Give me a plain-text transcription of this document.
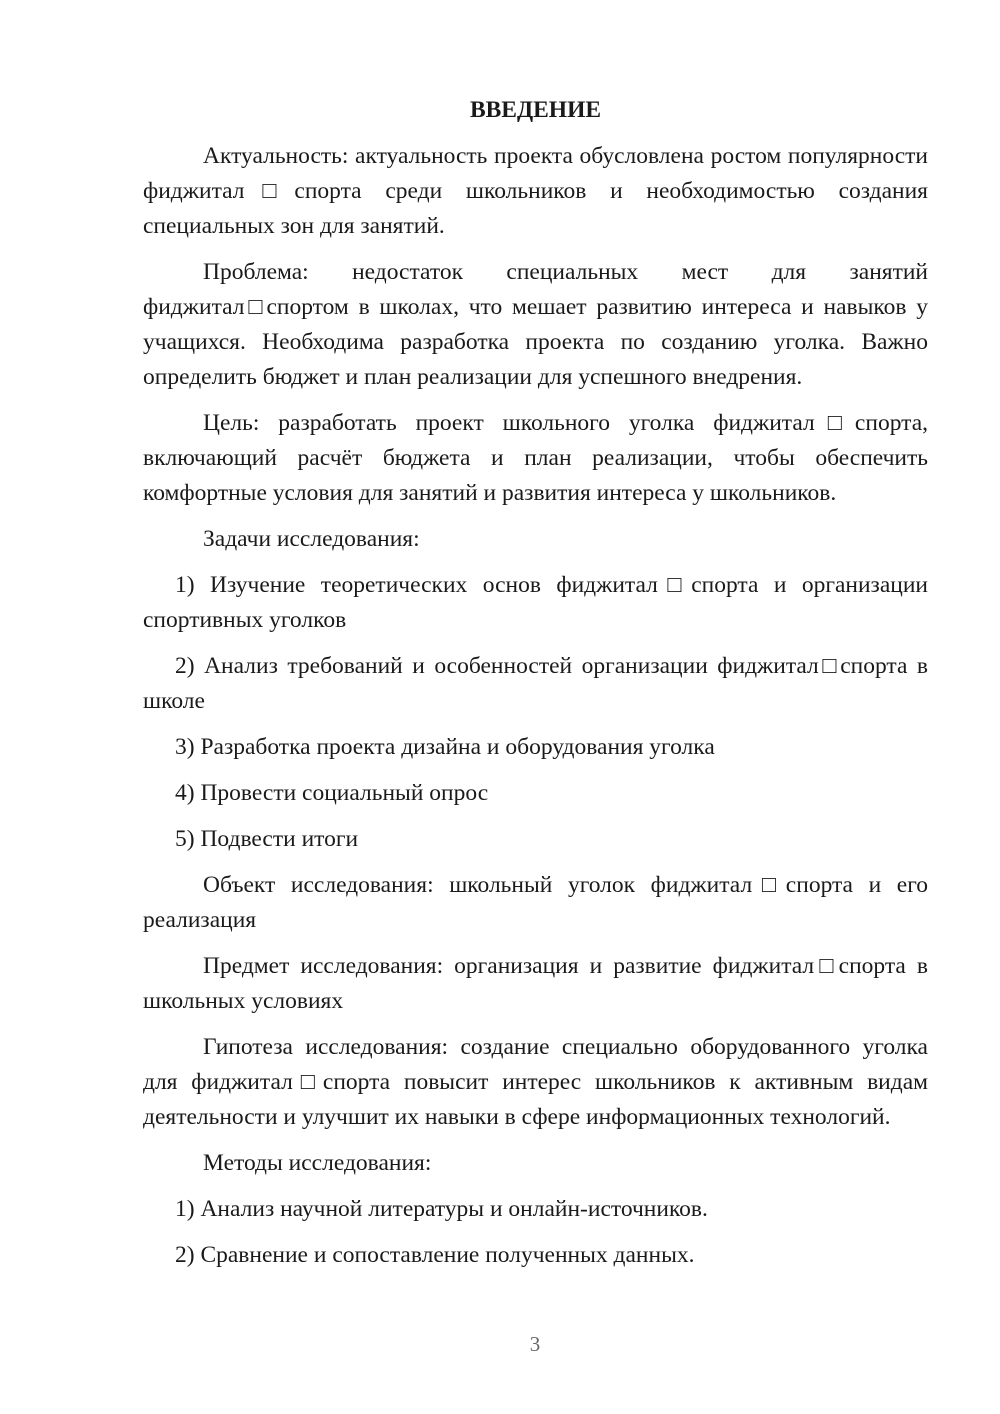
ВВЕДЕНИЕ

Актуальность: актуальность проекта обусловлена ростом популярности фиджитал□спорта среди школьников и необходимостью создания специальных зон для занятий.

Проблема: недостаток специальных мест для занятий фиджитал□спортом в школах, что мешает развитию интереса и навыков у учащихся. Необходима разработка проекта по созданию уголка. Важно определить бюджет и план реализации для успешного внедрения.

Цель: разработать проект школьного уголка фиджитал□спорта, включающий расчёт бюджета и план реализации, чтобы обеспечить комфортные условия для занятий и развития интереса у школьников.

Задачи исследования:

1) Изучение теоретических основ фиджитал□спорта и организации спортивных уголков

2) Анализ требований и особенностей организации фиджитал□спорта в школе

3) Разработка проекта дизайна и оборудования уголка

4) Провести социальный опрос

5) Подвести итоги

Объект исследования: школьный уголок фиджитал□спорта и его реализация

Предмет исследования: организация и развитие фиджитал□спорта в школьных условиях

Гипотеза исследования: создание специально оборудованного уголка для фиджитал□спорта повысит интерес школьников к активным видам деятельности и улучшит их навыки в сфере информационных технологий.

Методы исследования:

1) Анализ научной литературы и онлайн-источников.

2) Сравнение и сопоставление полученных данных.

3
